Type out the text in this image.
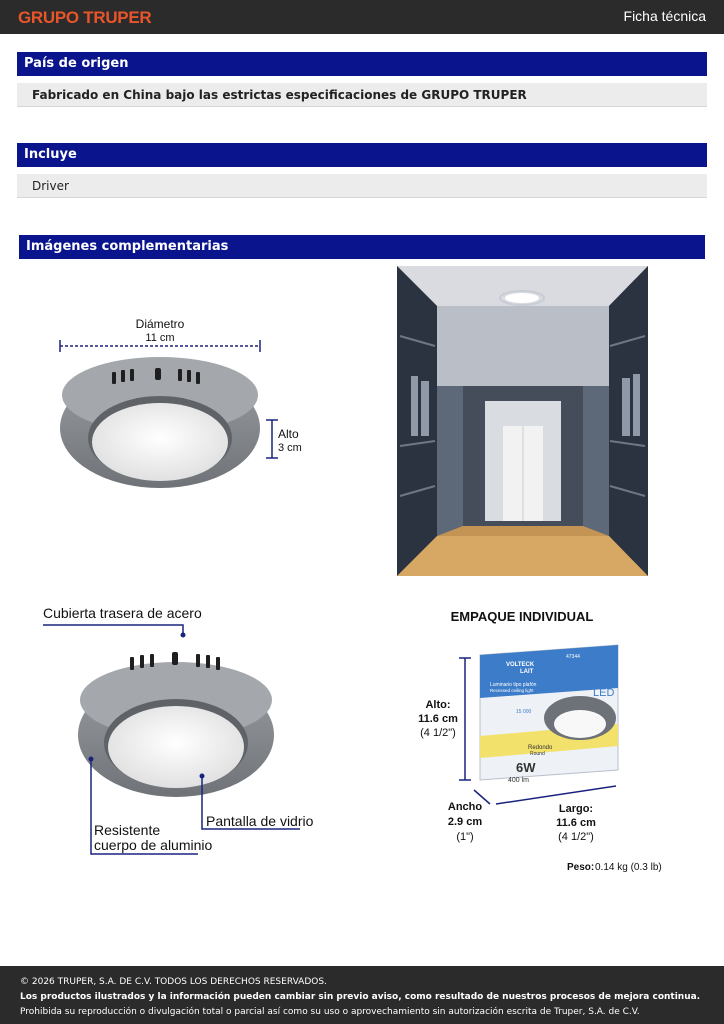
GRUPO TRUPER	Ficha técnica
País de origen
Fabricado en China bajo las estrictas especificaciones de GRUPO TRUPER
Incluye
Driver
Imágenes complementarias
Diámetro
11 cm
Alto
3 cm
Cubierta trasera de acero
Pantalla de vidrio
Resistente
cuerpo de aluminio
EMPAQUE INDIVIDUAL
VOLTECK
LAIT
47344
LED
Luminario tipo plafón
Recessed ceiling light
15 000
Redondo
Round
6W
400 lm
Alto:
11.6 cm
(4 1/2")
Ancho
2.9 cm
(1")
Largo:
11.6 cm
(4 1/2")
Peso: 0.14 kg (0.3 lb)
© 2026 TRUPER, S.A. DE C.V. TODOS LOS DERECHOS RESERVADOS.
Los productos ilustrados y la información pueden cambiar sin previo aviso, como resultado de nuestros procesos de mejora continua.
Prohibida su reproducción o divulgación total o parcial así como su uso o aprovechamiento sin autorización escrita de Truper, S.A. de C.V.
